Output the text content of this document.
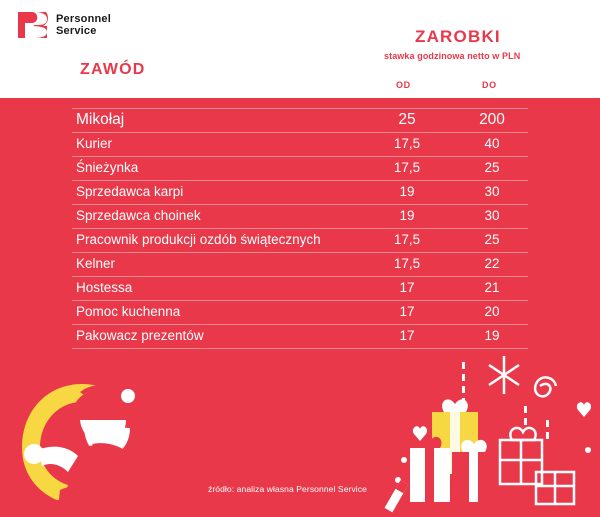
Personnel
Service
ZAWÓD
ZAROBKI
stawka godzinowa netto w PLN
OD	DO
Mikołaj	25	200
Kurier	17,5	40
Śnieżynka	17,5	25
Sprzedawca karpi	19	30
Sprzedawca choinek	19	30
Pracownik produkcji ozdób świątecznych	17,5	25
Kelner	17,5	22
Hostessa	17	21
Pomoc kuchenna	17	20
Pakowacz prezentów	17	19
źródło: analiza własna Personnel Service
